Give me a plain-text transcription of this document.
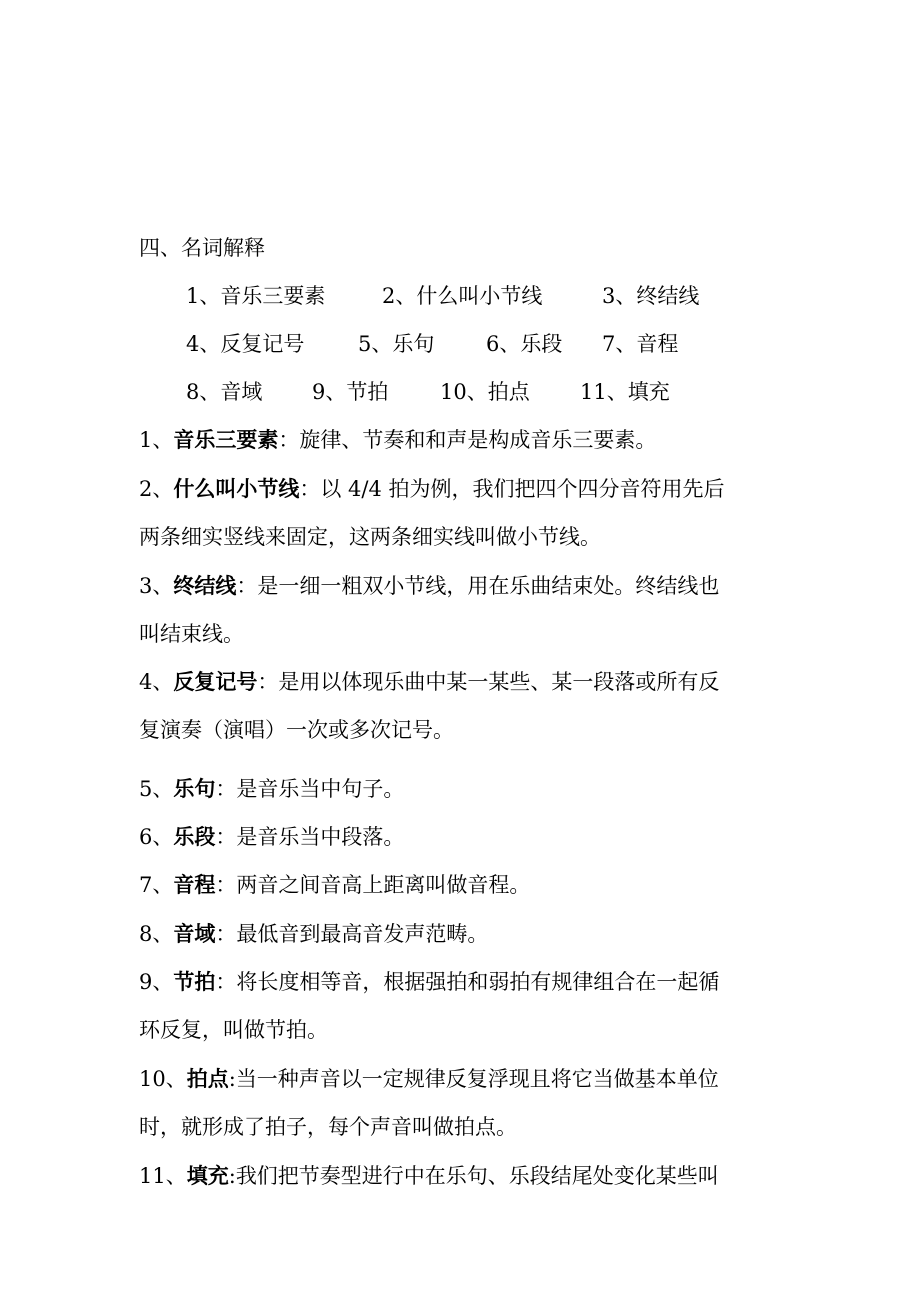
四、名词解释
1、音乐三要素	2、什么叫小节线	3、终结线
4、反复记号	5、乐句 6、乐段 7、音程
8、音域 9、节拍 10、拍点 11、填充
1、音乐三要素：旋律、节奏和和声是构成音乐三要素。
2、什么叫小节线：以 4/4 拍为例，我们把四个四分音符用先后
两条细实竖线来固定，这两条细实线叫做小节线。
3、终结线：是一细一粗双小节线，用在乐曲结束处。终结线也
叫结束线。
4、反复记号：是用以体现乐曲中某一某些、某一段落或所有反
复演奏（演唱）一次或多次记号。
5、乐句：是音乐当中句子。
6、乐段：是音乐当中段落。
7、音程：两音之间音高上距离叫做音程。
8、音域：最低音到最高音发声范畴。
9、节拍：将长度相等音，根据强拍和弱拍有规律组合在一起循
环反复，叫做节拍。
10、拍点:当一种声音以一定规律反复浮现且将它当做基本单位
时，就形成了拍子，每个声音叫做拍点。
11、填充:我们把节奏型进行中在乐句、乐段结尾处变化某些叫
